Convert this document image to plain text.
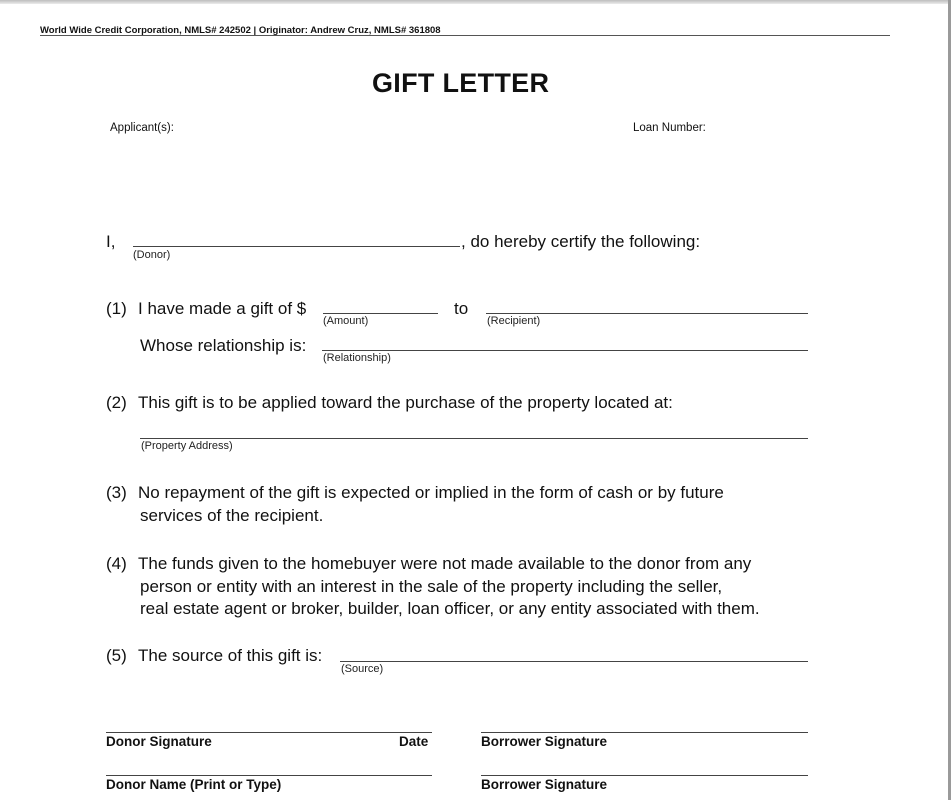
World Wide Credit Corporation, NMLS# 242502 | Originator: Andrew Cruz, NMLS# 361808
GIFT LETTER
Applicant(s):	Loan Number:
I,
(Donor)
, do hereby certify the following:
(1) I have made a gift of $
(Amount)
to
(Recipient)
Whose relationship is:
(Relationship)
(2) This gift is to be applied toward the purchase of the property located at:
(Property Address)
(3) No repayment of the gift is expected or implied in the form of cash or by future
services of the recipient.
(4) The funds given to the homebuyer were not made available to the donor from any
person or entity with an interest in the sale of the property including the seller,
real estate agent or broker, builder, loan officer, or any entity associated with them.
(5) The source of this gift is:
(Source)
Donor Signature	Date	Borrower Signature
Donor Name (Print or Type)	Borrower Signature
